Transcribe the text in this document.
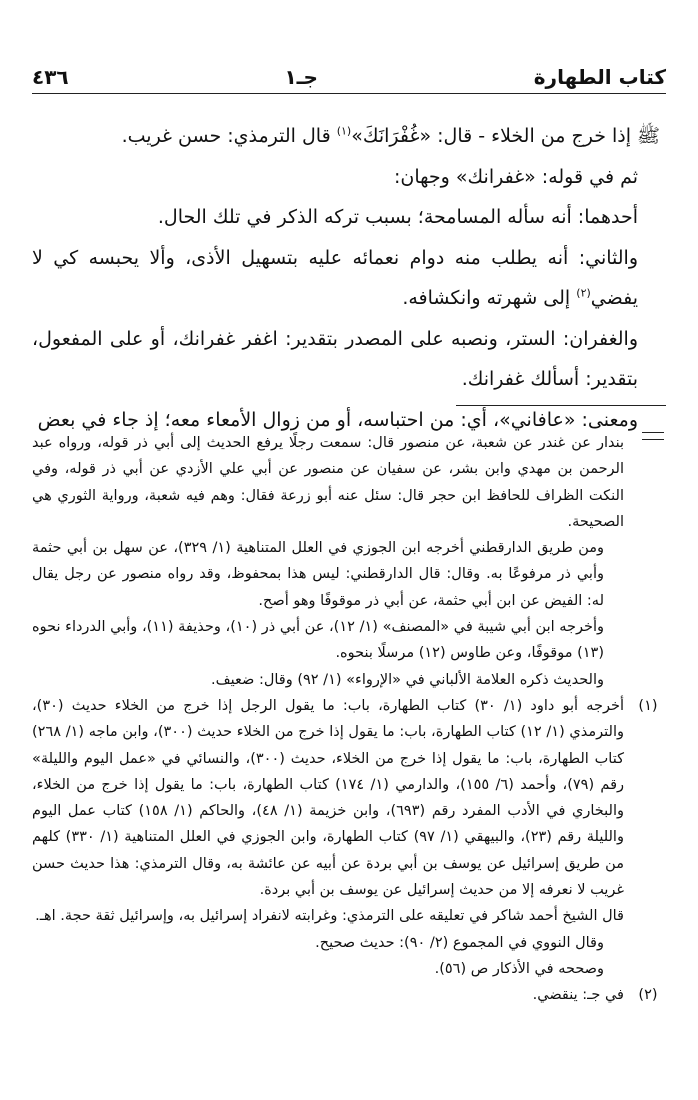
٤٣٦	جـ١	كتاب الطهارة

ﷺ إذا خرج من الخلاء - قال: «غُفْرَانَكَ»$^{(١)}$ قال الترمذي: حسن غريب.

ثم في قوله: «غفرانك» وجهان:

أحدهما: أنه سأله المسامحة؛ بسبب تركه الذكر في تلك الحال.

والثاني: أنه يطلب منه دوام نعمائه عليه بتسهيل الأذى، وألا يحبسه كي لا يفضي$^{(٢)}$ إلى شهرته وانكشافه.

والغفران: الستر، ونصبه على المصدر بتقدير: اغفر غفرانك، أو على المفعول، بتقدير: أسألك غفرانك.

ومعنى: «عافاني»، أي: من احتباسه، أو من زوال الأمعاء معه؛ إذ جاء في بعض

بندار عن غندر عن شعبة، عن منصور قال: سمعت رجلًا يرفع الحديث إلى أبي ذر قوله، ورواه عبد الرحمن بن مهدي وابن بشر، عن سفيان عن منصور عن أبي علي الأزدي عن أبي ذر قوله، وفي النكت الظراف للحافظ ابن حجر قال: سئل عنه أبو زرعة فقال: وهم فيه شعبة، ورواية الثوري هي الصحيحة.

ومن طريق الدارقطني أخرجه ابن الجوزي في العلل المتناهية (١/ ٣٢٩)، عن سهل بن أبي حثمة وأبي ذر مرفوعًا به. وقال: قال الدارقطني: ليس هذا بمحفوظ، وقد رواه منصور عن رجل يقال له: الفيض عن ابن أبي حثمة، عن أبي ذر موقوفًا وهو أصح.

وأخرجه ابن أبي شيبة في «المصنف» (١/ ١٢)، عن أبي ذر (١٠)، وحذيفة (١١)، وأبي الدرداء نحوه (١٣) موقوفًا، وعن طاوس (١٢) مرسلًا بنحوه.

والحديث ذكره العلامة الألباني في «الإرواء» (١/ ٩٢) وقال: ضعيف.

(١)

أخرجه أبو داود (١/ ٣٠) كتاب الطهارة، باب: ما يقول الرجل إذا خرج من الخلاء حديث (٣٠)، والترمذي (١/ ١٢) كتاب الطهارة، باب: ما يقول إذا خرج من الخلاء حديث (٣٠٠)، وابن ماجه (١/ ٢٦٨) كتاب الطهارة، باب: ما يقول إذا خرج من الخلاء، حديث (٣٠٠)، والنسائي في «عمل اليوم والليلة» رقم (٧٩)، وأحمد (٦/ ١٥٥)، والدارمي (١/ ١٧٤) كتاب الطهارة، باب: ما يقول إذا خرج من الخلاء، والبخاري في الأدب المفرد رقم (٦٩٣)، وابن خزيمة (١/ ٤٨)، والحاكم (١/ ١٥٨) كتاب عمل اليوم والليلة رقم (٢٣)، والبيهقي (١/ ٩٧) كتاب الطهارة، وابن الجوزي في العلل المتناهية (١/ ٣٣٠) كلهم من طريق إسرائيل عن يوسف بن أبي بردة عن أبيه عن عائشة به، وقال الترمذي: هذا حديث حسن غريب لا نعرفه إلا من حديث إسرائيل عن يوسف بن أبي بردة.

قال الشيخ أحمد شاكر في تعليقه على الترمذي: وغرابته لانفراد إسرائيل به، وإسرائيل ثقة حجة. اهـ.

وقال النووي في المجموع (٢/ ٩٠): حديث صحيح.

وصححه في الأذكار ص (٥٦).

(٢)

في جـ: ينقضي.
